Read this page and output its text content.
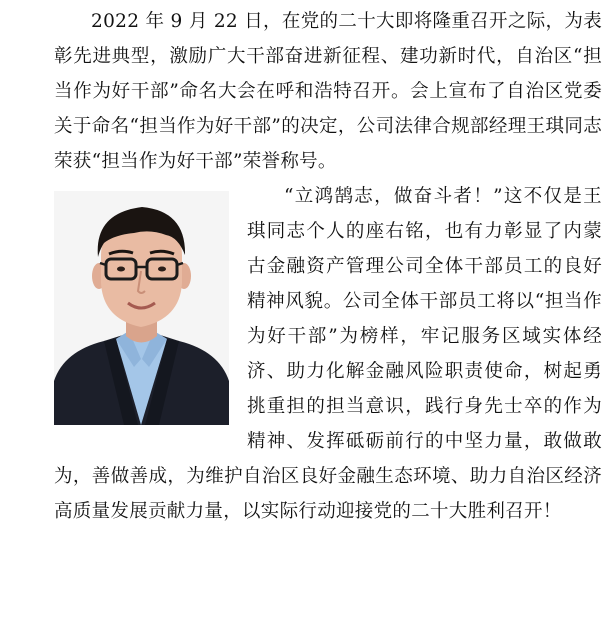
2022 年 9 月 22 日，在党的二十大即将隆重召开之际，为表彰先进典型，激励广大干部奋进新征程、建功新时代，自治区“担当作为好干部”命名大会在呼和浩特召开。会上宣布了自治区党委关于命名“担当作为好干部”的决定，公司法律合规部经理王琪同志荣获“担当作为好干部”荣誉称号。

“立鸿鹄志，做奋斗者！”这不仅是王琪同志个人的座右铭，也有力彰显了内蒙古金融资产管理公司全体干部员工的良好精神风貌。公司全体干部员工将以“担当作为好干部”为榜样，牢记服务区域实体经济、助力化解金融风险职责使命，树起勇挑重担的担当意识，践行身先士卒的作为精神、发挥砥砺前行的中坚力量，敢做敢为，善做善成，为维护自治区良好金融生态环境、助力自治区经济高质量发展贡献力量，以实际行动迎接党的二十大胜利召开！
